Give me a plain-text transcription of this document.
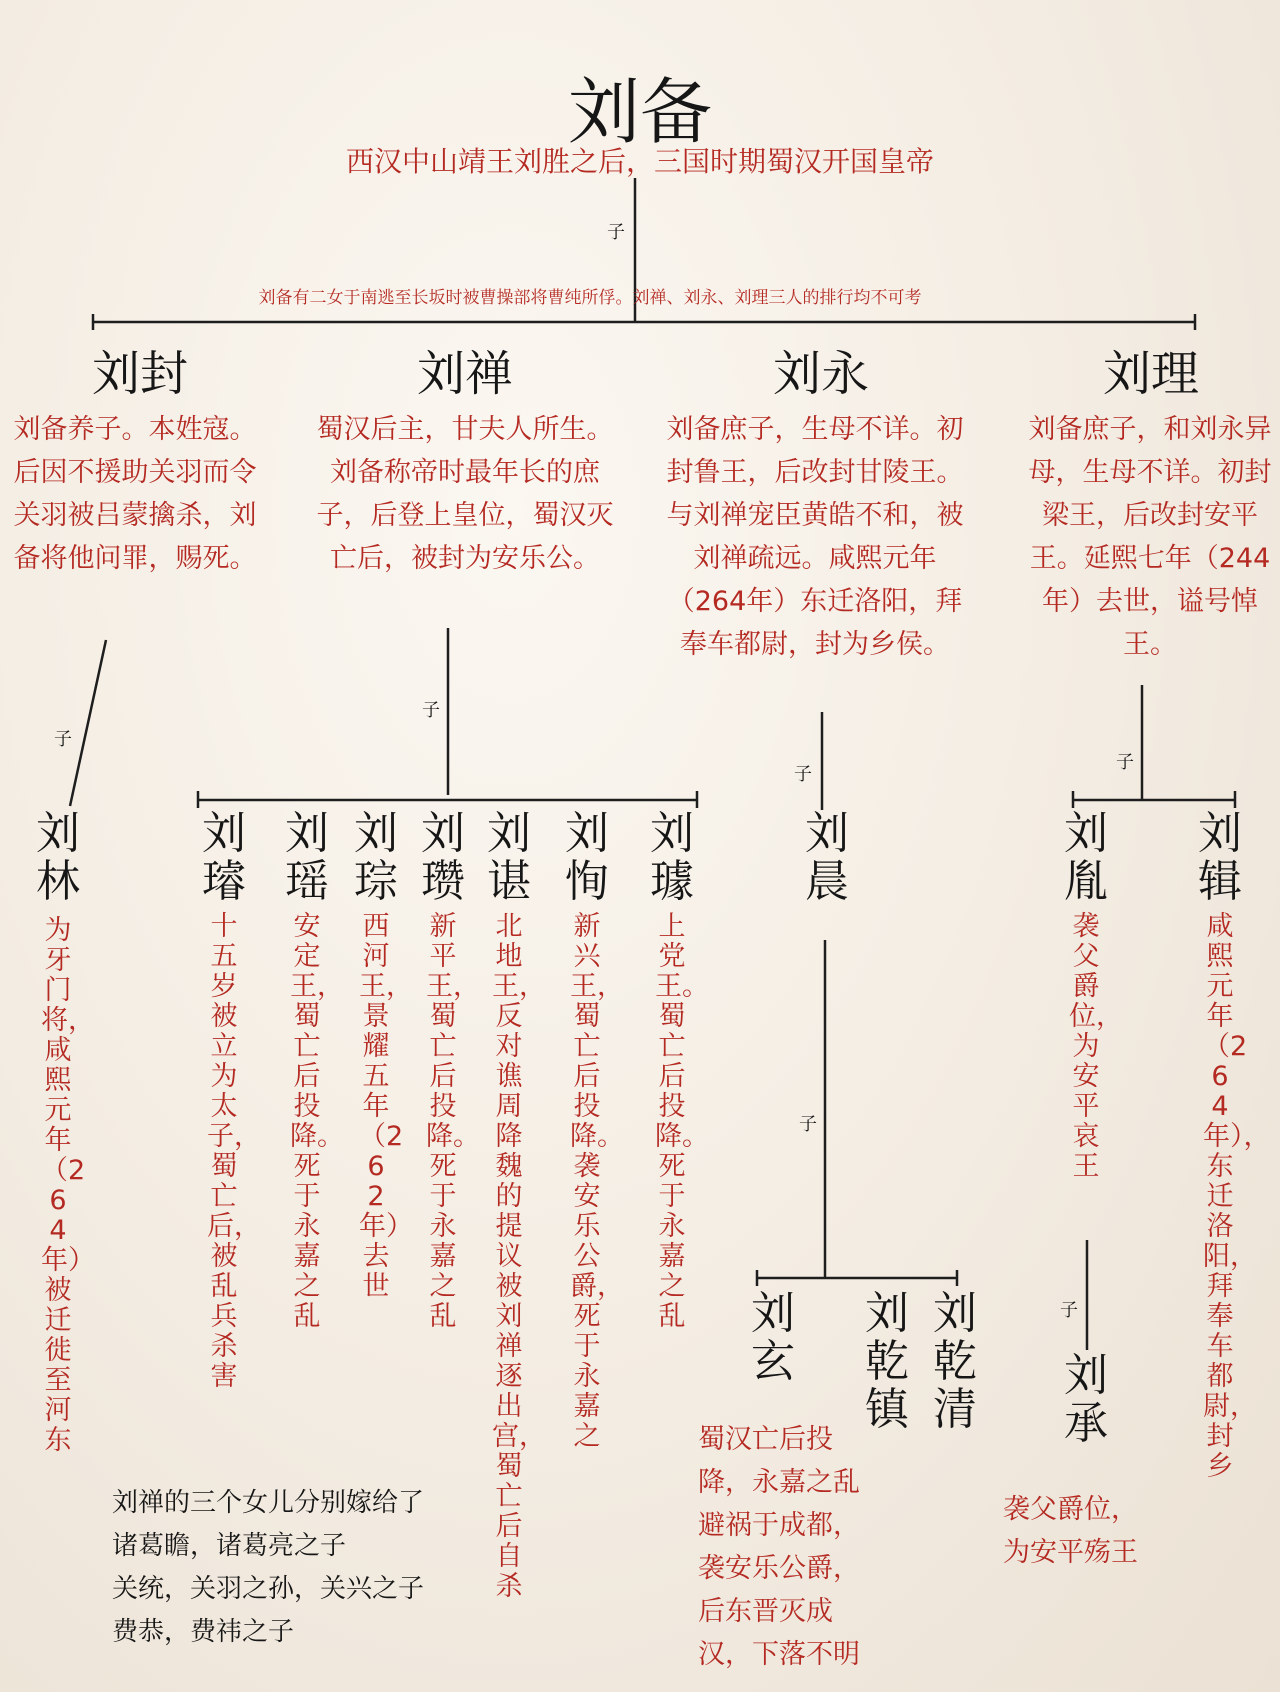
刘备
西汉中山靖王刘胜之后，三国时期蜀汉开国皇帝
子
刘备有二女于南逃至长坂时被曹操部将曹纯所俘。刘禅、刘永、刘理三人的排行均不可考
刘封
刘备养子。本姓寇。后因不援助关羽而令关羽被吕蒙擒杀，刘备将他问罪，赐死。
刘禅
蜀汉后主，甘夫人所生。刘备称帝时最年长的庶子，后登上皇位，蜀汉灭亡后，被封为安乐公。
刘永
刘备庶子，生母不详。初封鲁王，后改封甘陵王。与刘禅宠臣黄皓不和，被刘禅疏远。咸熙元年（264年）东迁洛阳，拜奉车都尉，封为乡侯。
刘理
刘备庶子，和刘永异母，生母不详。初封梁王，后改封安平王。延熙七年（244年）去世，谥号悼王。
子
子
子
子
子
子
刘林
为牙门将，咸熙元年（264年）被迁徙至河东
刘璿
十五岁被立为太子，蜀亡后，被乱兵杀害
刘瑶
安定王，蜀亡后投降。死于永嘉之乱
刘琮
西河王，景耀五年（262年）去世
刘瓒
新平王，蜀亡后投降。死于永嘉之乱
刘谌
北地王，反对谯周降魏的提议被刘禅逐出宫，蜀亡后自杀
刘恂
新兴王，蜀亡后投降。袭安乐公爵，死于永嘉之
刘璩
上党王。蜀亡后投降。死于永嘉之乱
刘晨
刘胤
袭父爵位，为安平哀王
刘辑
咸熙元年（264年），东迁洛阳，拜奉车都尉，封乡
刘玄
刘乾镇
刘乾清
蜀汉亡后投
降，永嘉之乱
避祸于成都，
袭安乐公爵，
后东晋灭成
汉，下落不明
刘承
袭父爵位，
为安平殇王
刘禅的三个女儿分别嫁给了
诸葛瞻，诸葛亮之子
关统，关羽之孙，关兴之子
费恭，费祎之子
